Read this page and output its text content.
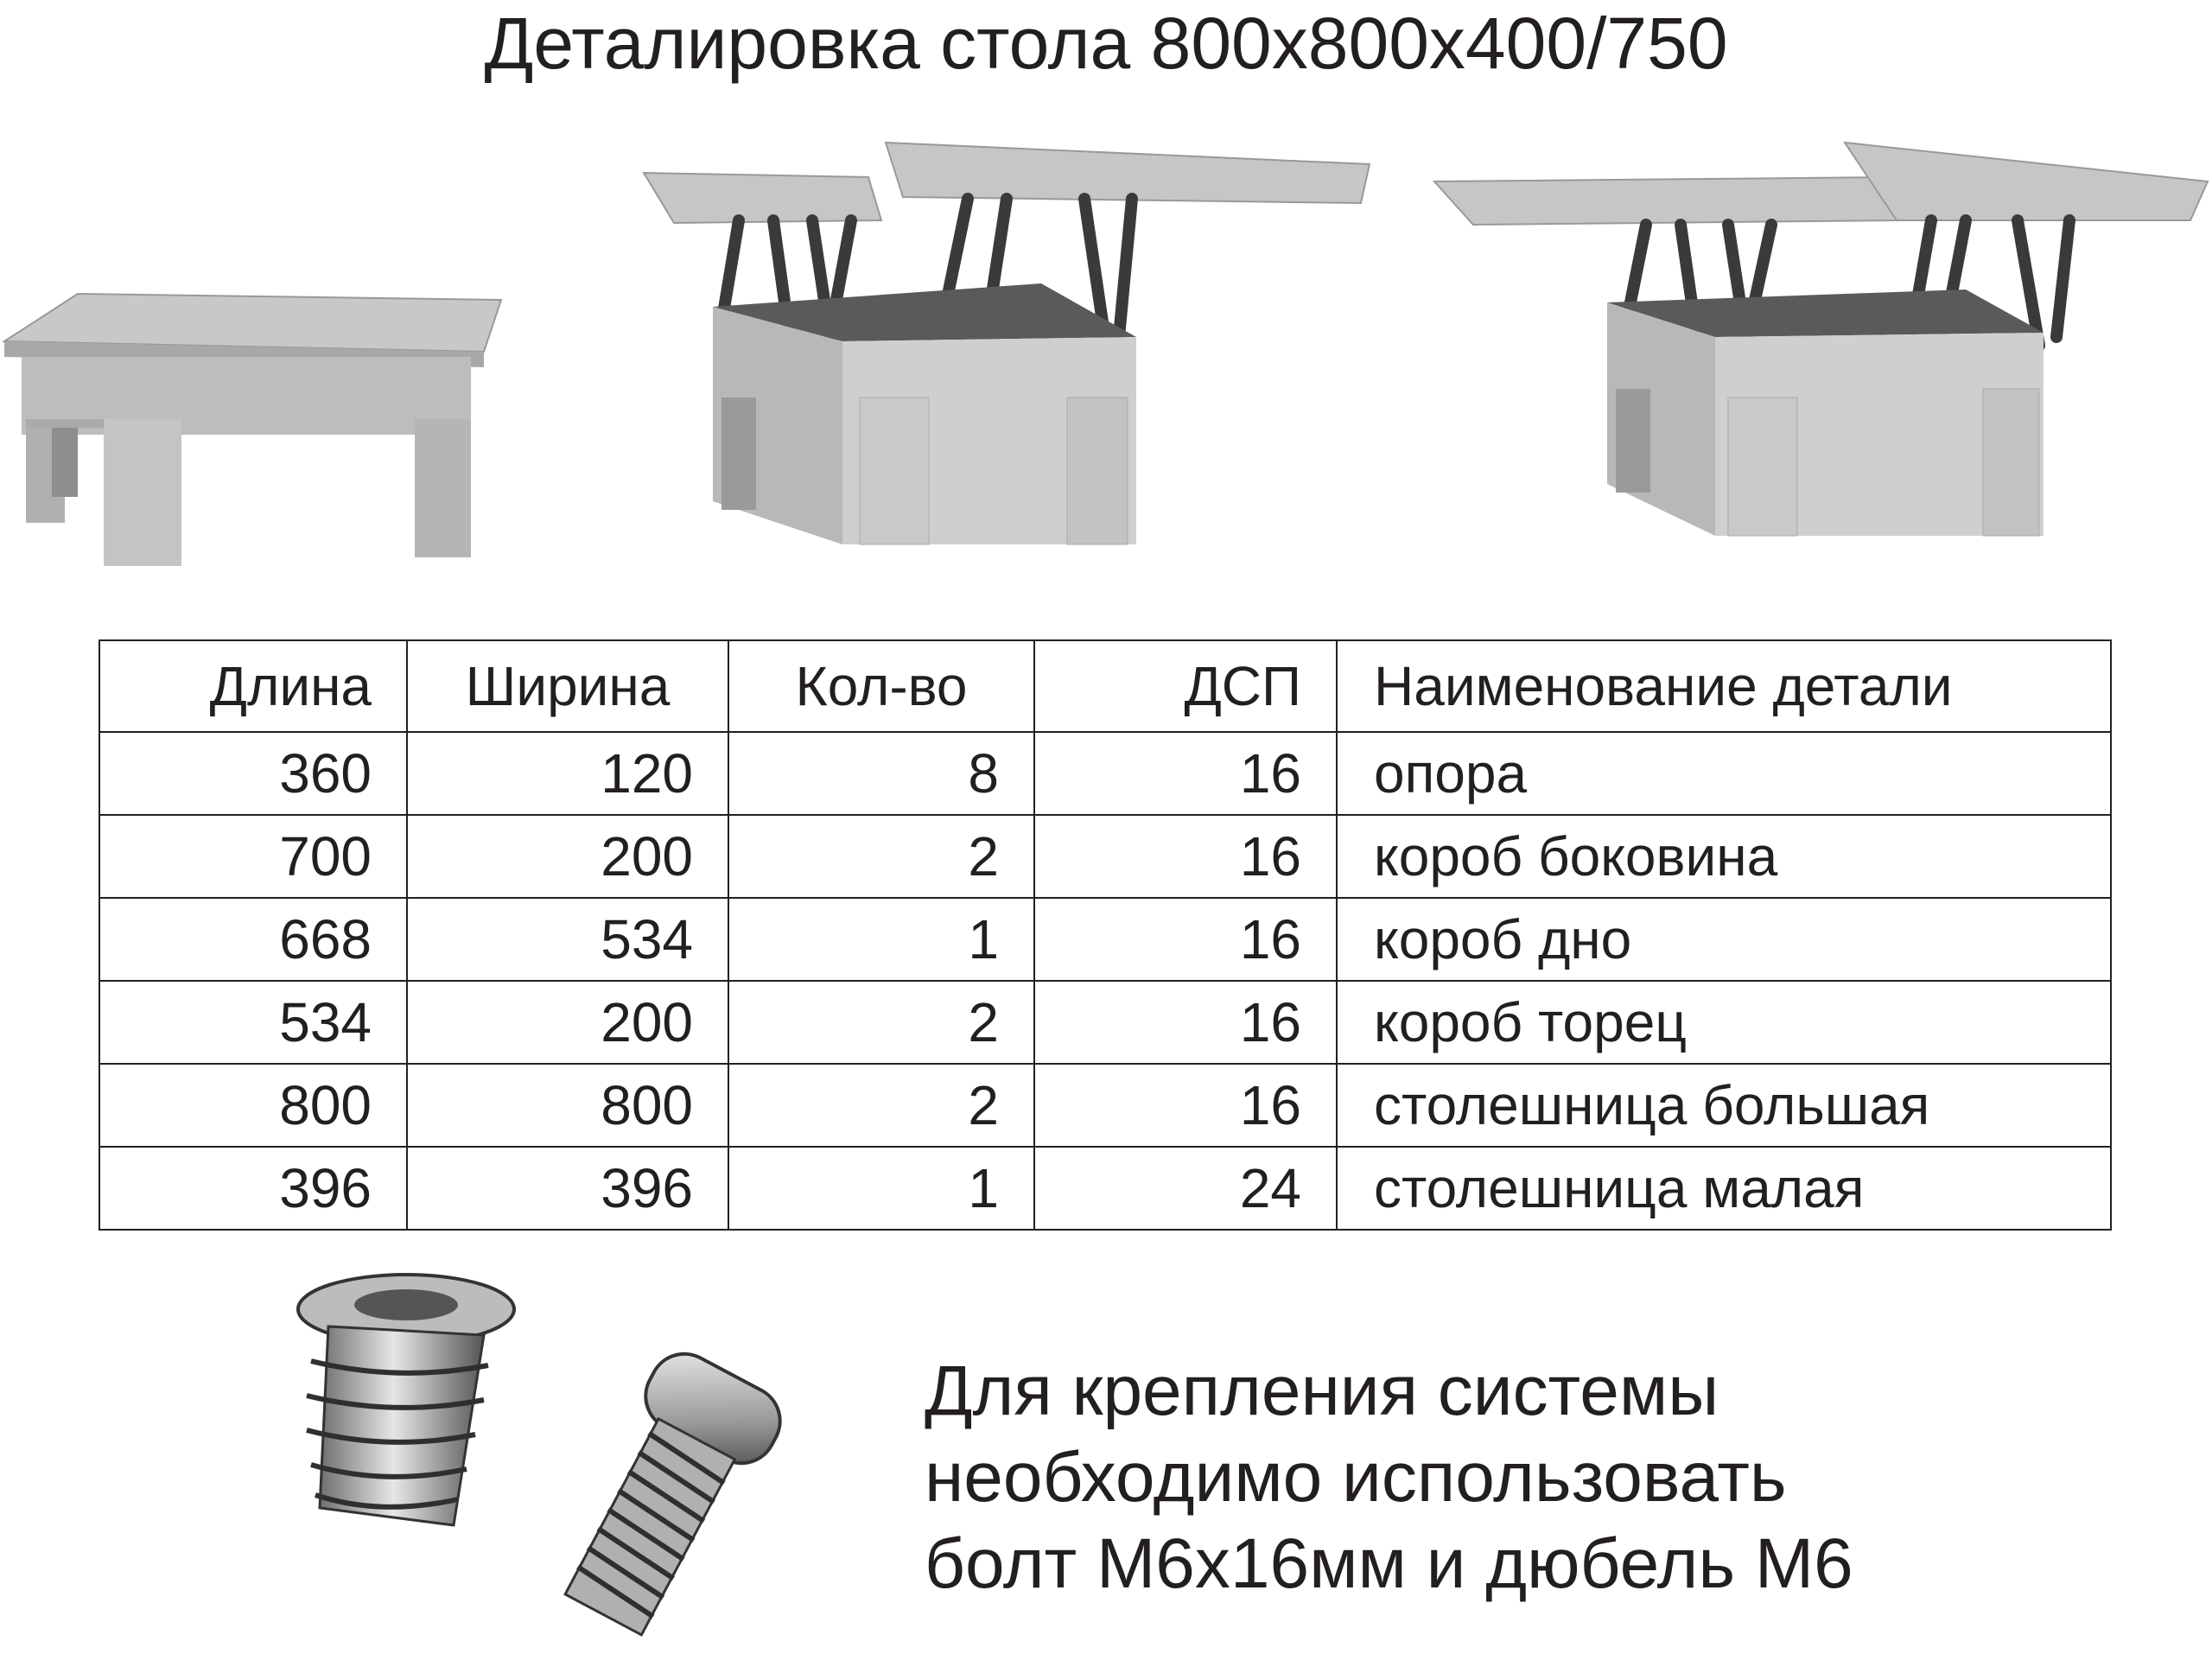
Деталировка стола 800х800х400/750
Длина	Ширина	Кол-во	ДСП	Наименование детали
360	120	8	16	опора
700	200	2	16	короб боковина
668	534	1	16	короб дно
534	200	2	16	короб торец
800	800	2	16	столешница большая
396	396	1	24	столешница малая
Для крепления системы
необходимо использовать
болт М6х16мм и дюбель М6
